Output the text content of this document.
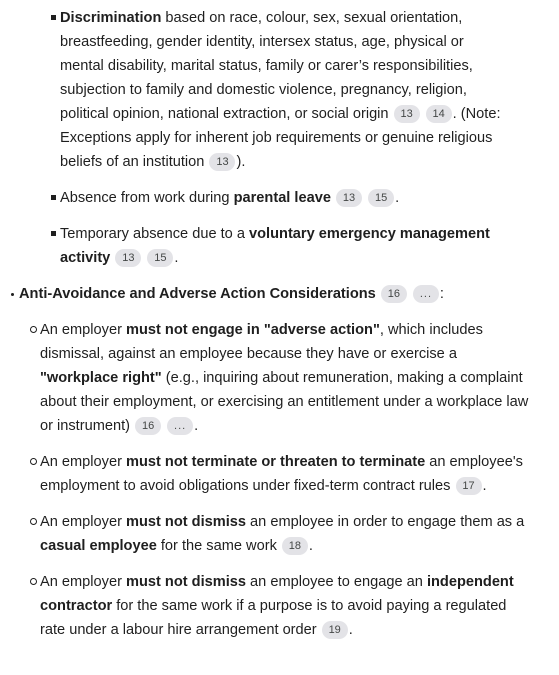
Discrimination based on race, colour, sex, sexual orientation, breastfeeding, gender identity, intersex status, age, physical or mental disability, marital status, family or carer’s responsibilities, subjection to family and domestic violence, pregnancy, religion, political opinion, national extraction, or social origin 13 14 . (Note: Exceptions apply for inherent job requirements or genuine religious beliefs of an institution 13 ).
Absence from work during parental leave 13 15 .
Temporary absence due to a voluntary emergency management activity 13 15 .
Anti-Avoidance and Adverse Action Considerations 16 ... :
An employer must not engage in "adverse action", which includes dismissal, against an employee because they have or exercise a "workplace right" (e.g., inquiring about remuneration, making a complaint about their employment, or exercising an entitlement under a workplace law or instrument) 16 ... .
An employer must not terminate or threaten to terminate an employee's employment to avoid obligations under fixed-term contract rules 17 .
An employer must not dismiss an employee in order to engage them as a casual employee for the same work 18 .
An employer must not dismiss an employee to engage an independent contractor for the same work if a purpose is to avoid paying a regulated rate under a labour hire arrangement order 19 .
